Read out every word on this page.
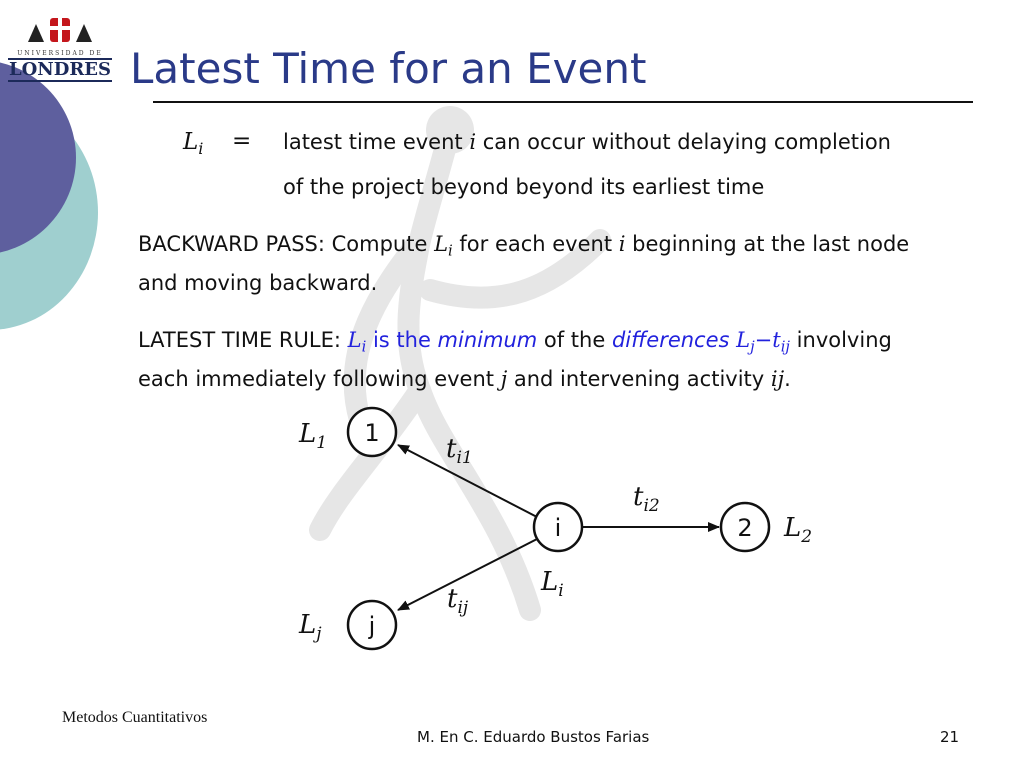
UNIVERSIDAD DE
LONDRES Latest Time for an Event
$L_i$ = latest time event i can occur without delaying completion
of the project beyond beyond its earliest time
BACKWARD PASS: Compute $L_i$ for each event i beginning at the last node
and moving backward.
LATEST TIME RULE: $L_i$ is the minimum of the differences $L_j-t_{ij}$ involving
each immediately following event j and intervening activity ij.
1
2
i
j
$L_1$
$L_2$
$L_i$
$L_j$
$t_{i1}$
$t_{i2}$
$t_{ij}$
Metodos Cuantitativos
M. En C. Eduardo Bustos Farias	21
